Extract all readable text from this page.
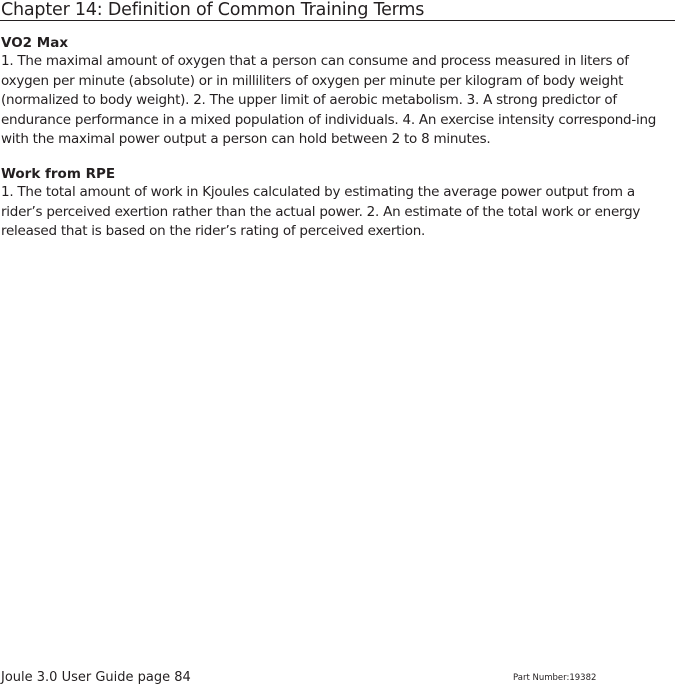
Chapter 14: Definition of Common Training Terms
VO2 Max

1. The maximal amount of oxygen that a person can consume and process measured in liters of oxygen per minute (absolute) or in milliliters of oxygen per minute per kilogram of body weight (normalized to body weight). 2. The upper limit of aerobic metabolism. 3. A strong predictor of endurance performance in a mixed population of individuals. 4. An exercise intensity correspond-ing with the maximal power output a person can hold between 2 to 8 minutes.

Work from RPE

1. The total amount of work in Kjoules calculated by estimating the average power output from a rider’s perceived exertion rather than the actual power. 2. An estimate of the total work or energy released that is based on the rider’s rating of perceived exertion.

Joule 3.0 User Guide page 84	Part Number:19382
